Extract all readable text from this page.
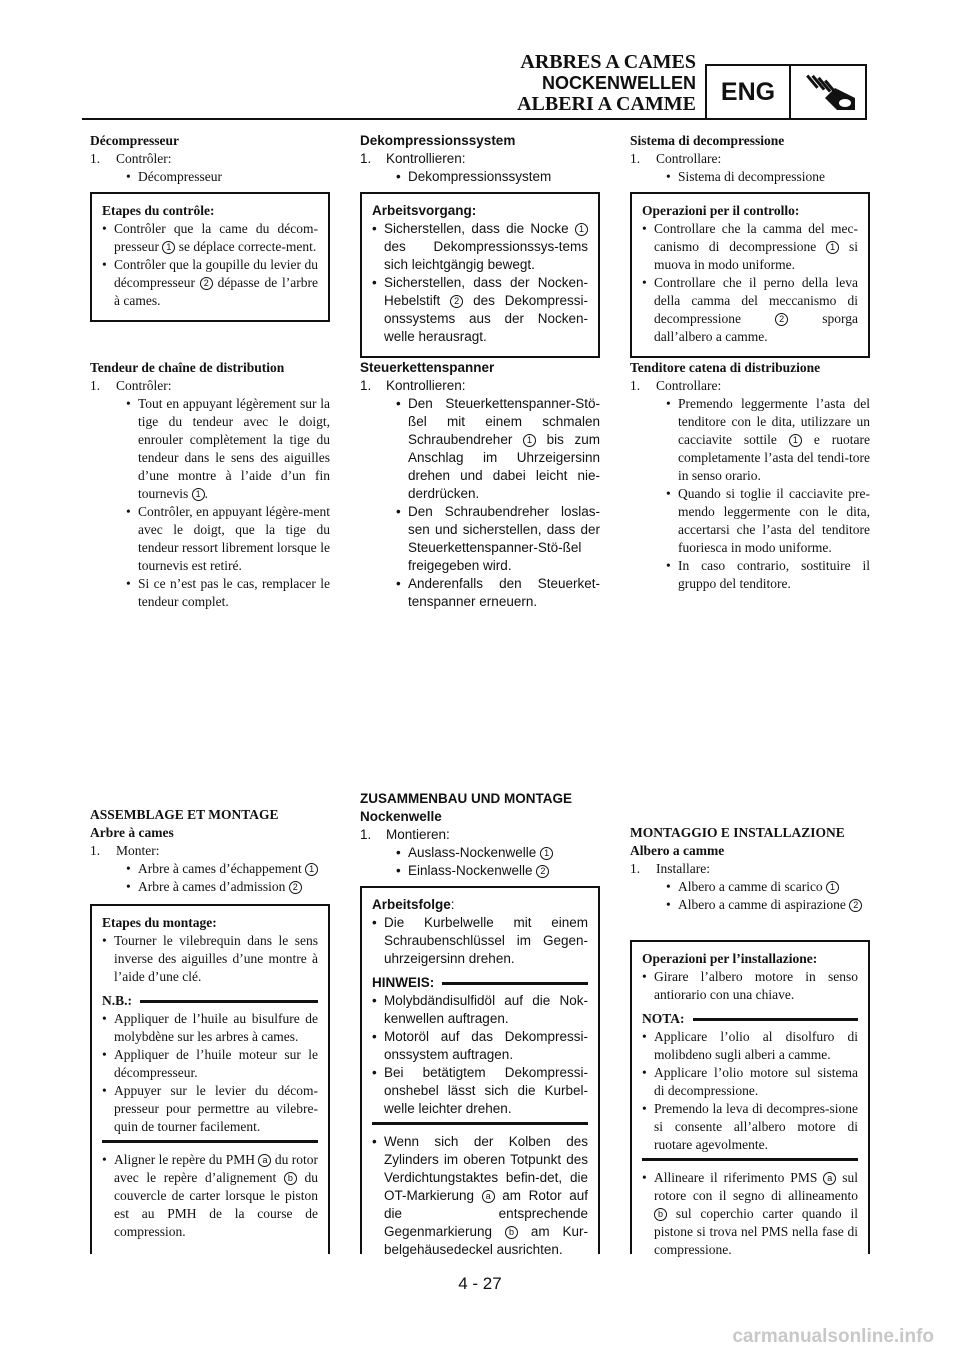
ARBRES A CAMES
NOCKENWELLEN
ALBERI A CAMME ENG
Décompresseur
1.	Contrôler:
• Décompresseur
Etapes du contrôle:
• Contrôler que la came du décom-presseur 1 se déplace correcte-ment.
• Contrôler que la goupille du levier du décompresseur 2 dépasse de l’arbre à cames.
Tendeur de chaîne de distribution
1.	Contrôler:
• Tout en appuyant légèrement sur la tige du tendeur avec le doigt, enrouler complètement la tige du tendeur dans le sens des aiguilles d’une montre à l’aide d’un fin tournevis 1 .
• Contrôler, en appuyant légère-ment avec le doigt, que la tige du tendeur ressort librement lorsque le tournevis est retiré.
• Si ce n’est pas le cas, remplacer le tendeur complet.
ASSEMBLAGE ET MONTAGE
Arbre à cames
1.	Monter:
• Arbre à cames d’échappement 1
• Arbre à cames d’admission 2
Etapes du montage:
• Tourner le vilebrequin dans le sens inverse des aiguilles d’une montre à l’aide d’une clé.
N.B.:
• Appliquer de l’huile au bisulfure de molybdène sur les arbres à cames.
• Appliquer de l’huile moteur sur le décompresseur.
• Appuyer sur le levier du décom-presseur pour permettre au vilebre-quin de tourner facilement.
• Aligner le repère du PMH a du rotor avec le repère d’alignement b du couvercle de carter lorsque le piston est au PMH de la course de compression.
Dekompressionssystem
1.	Kontrollieren:
• Dekompressionssystem
Arbeitsvorgang:
• Sicherstellen, dass die Nocke 1 des Dekompressionssys-tems sich leichtgängig bewegt.
• Sicherstellen, dass der Nocken-Hebelstift 2 des Dekompressi-onssystems aus der Nocken-welle herausragt.
Steuerkettenspanner
1.	Kontrollieren:
• Den Steuerkettenspanner-Stö-ßel mit einem schmalen Schraubendreher 1 bis zum Anschlag im Uhrzeigersinn drehen und dabei leicht nie-derdrücken.
• Den Schraubendreher loslas-sen und sicherstellen, dass der Steuerkettenspanner-Stö-ßel freigegeben wird.
• Anderenfalls den Steuerket-tenspanner erneuern.
ZUSAMMENBAU UND MONTAGE
Nockenwelle
1.	Montieren:
• Auslass-Nockenwelle 1
• Einlass-Nockenwelle 2
Arbeitsfolge:
• Die Kurbelwelle mit einem Schraubenschlüssel im Gegen-uhrzeigersinn drehen.
HINWEIS:
• Molybdändisulfidöl auf die Nok-kenwellen auftragen.
• Motoröl auf das Dekompressi-onssystem auftragen.
• Bei betätigtem Dekompressi-onshebel lässt sich die Kurbel-welle leichter drehen.
• Wenn sich der Kolben des Zylinders im oberen Totpunkt des Verdichtungstaktes befin-det, die OT-Markierung a am Rotor auf die entsprechende Gegenmarkierung b am Kur-belgehäusedeckel ausrichten.
Sistema di decompressione
1.	Controllare:
• Sistema di decompressione
Operazioni per il controllo:
• Controllare che la camma del mec-canismo di decompressione 1 si muova in modo uniforme.
• Controllare che il perno della leva della camma del meccanismo di decompressione	2	sporga dall’albero a camme.
Tenditore catena di distribuzione
1.	Controllare:
• Premendo leggermente l’asta del tenditore con le dita, utilizzare un cacciavite sottile 1 e ruotare completamente l’asta del tendi-tore in senso orario.
• Quando si toglie il cacciavite pre-mendo leggermente con le dita, accertarsi che l’asta del tenditore fuoriesca in modo uniforme.
• In caso contrario, sostituire il gruppo del tenditore.
MONTAGGIO E INSTALLAZIONE
Albero a camme
1.	Installare:
• Albero a camme di scarico 1
• Albero a camme di aspirazione 2
Operazioni per l’installazione:
• Girare l’albero motore in senso antiorario con una chiave.
NOTA:
• Applicare l’olio al disolfuro di molibdeno sugli alberi a camme.
• Applicare l’olio motore sul sistema di decompressione.
• Premendo la leva di decompres-sione si consente all’albero motore di ruotare agevolmente.
• Allineare il riferimento PMS a sul rotore con il segno di allineamento b sul coperchio carter quando il pistone si trova nel PMS nella fase di compressione.
4 - 27
carmanualsonline.info
